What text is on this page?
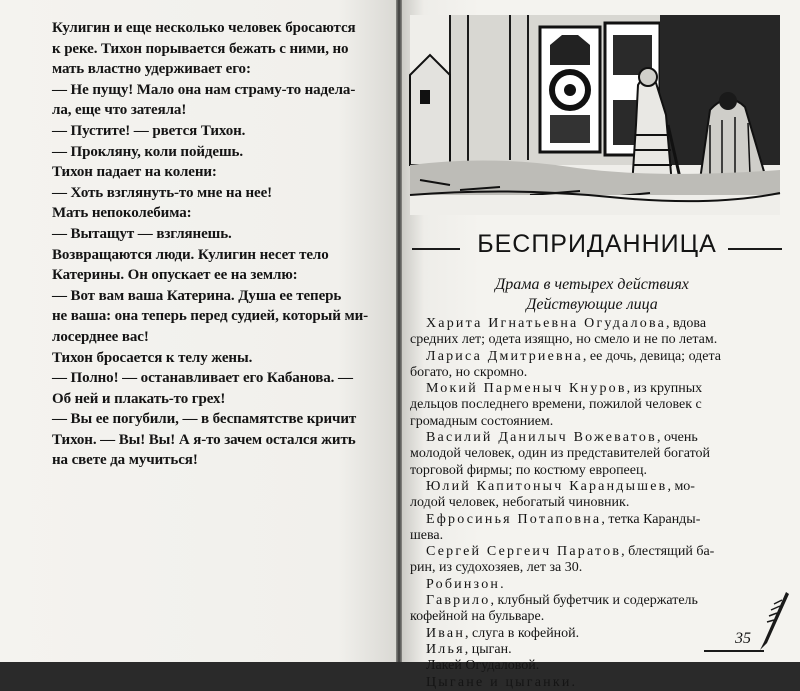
Кулигин и еще несколько человек бросаются

к реке. Тихон порывается бежать с ними, но

мать властно удерживает его:

— Не пущу! Мало она нам страму-то надела-

ла, еще что затеяла!

— Пустите! — рвется Тихон.

— Прокляну, коли пойдешь.

Тихон падает на колени:

— Хоть взглянуть-то мне на нее!

Мать непоколебима:

— Вытащут — взглянешь.

Возвращаются люди. Кулигин несет тело

Катерины. Он опускает ее на землю:

— Вот вам ваша Катерина. Душа ее теперь

не ваша: она теперь перед судией, который ми-

лосерднее вас!

Тихон бросается к телу жены.

— Полно! — останавливает его Кабанова. —

Об ней и плакать-то грех!

— Вы ее погубили, — в беспамятстве кричит

Тихон. — Вы! Вы! А я-то зачем остался жить

на свете да мучиться!

БЕСПРИДАННИЦА
Драма в четырех действиях
Действующие лица

Харита Игнатьевна Огудалова, вдова

средних лет; одета изящно, но смело и не по летам.

Лариса Дмитриевна, ее дочь, девица; одета

богато, но скромно.

Мокий Парменыч Кнуров, из крупных

дельцов последнего времени, пожилой человек с

громадным состоянием.

Василий Данилыч Вожеватов, очень

молодой человек, один из представителей богатой

торговой фирмы; по костюму европеец.

Юлий Капитоныч Карандышев, мо-

лодой человек, небогатый чиновник.

Ефросинья Потаповна, тетка Каранды-

шева.

Сергей Сергеич Паратов, блестящий ба-

рин, из судохозяев, лет за 30.

Робинзон.

Гаврило, клубный буфетчик и содержатель

кофейной на бульваре.

Иван, слуга в кофейной.

Илья, цыган.

Лакей Огудаловой.

Цыгане и цыганки.

35
